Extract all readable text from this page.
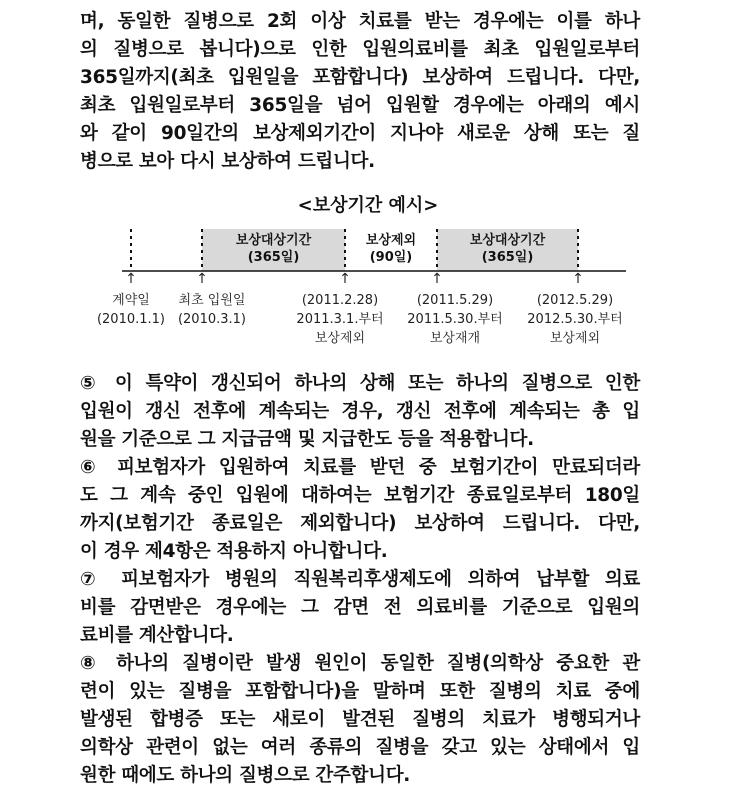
며, 동일한 질병으로 2회 이상 치료를 받는 경우에는 이를 하나
의 질병으로 봅니다)으로 인한 입원의료비를 최초 입원일로부터
365일까지(최초 입원일을 포함합니다) 보상하여 드립니다. 다만,
최초 입원일로부터 365일을 넘어 입원할 경우에는 아래의 예시
와 같이 90일간의 보상제외기간이 지나야 새로운 상해 또는 질
병으로 보아 다시 보상하여 드립니다.
<보상기간 예시>
보상대상기간
(365일)
보상제외
(90일)
보상대상기간
(365일)
↑	↑	↑	↑	↑
계약일
(2010.1.1)
최초 입원일
(2010.3.1)
(2011.2.28)
2011.3.1.부터
보상제외
(2011.5.29)
2011.5.30.부터
보상재개
(2012.5.29)
2012.5.30.부터
보상제외
⑤ 이 특약이 갱신되어 하나의 상해 또는 하나의 질병으로 인한
입원이 갱신 전후에 계속되는 경우, 갱신 전후에 계속되는 총 입
원을 기준으로 그 지급금액 및 지급한도 등을 적용합니다.
⑥ 피보험자가 입원하여 치료를 받던 중 보험기간이 만료되더라
도 그 계속 중인 입원에 대하여는 보험기간 종료일로부터 180일
까지(보험기간 종료일은 제외합니다) 보상하여 드립니다. 다만,
이 경우 제4항은 적용하지 아니합니다.
⑦ 피보험자가 병원의 직원복리후생제도에 의하여 납부할 의료
비를 감면받은 경우에는 그 감면 전 의료비를 기준으로 입원의
료비를 계산합니다.
⑧ 하나의 질병이란 발생 원인이 동일한 질병(의학상 중요한 관
련이 있는 질병을 포함합니다)을 말하며 또한 질병의 치료 중에
발생된 합병증 또는 새로이 발견된 질병의 치료가 병행되거나
의학상 관련이 없는 여러 종류의 질병을 갖고 있는 상태에서 입
원한 때에도 하나의 질병으로 간주합니다.
